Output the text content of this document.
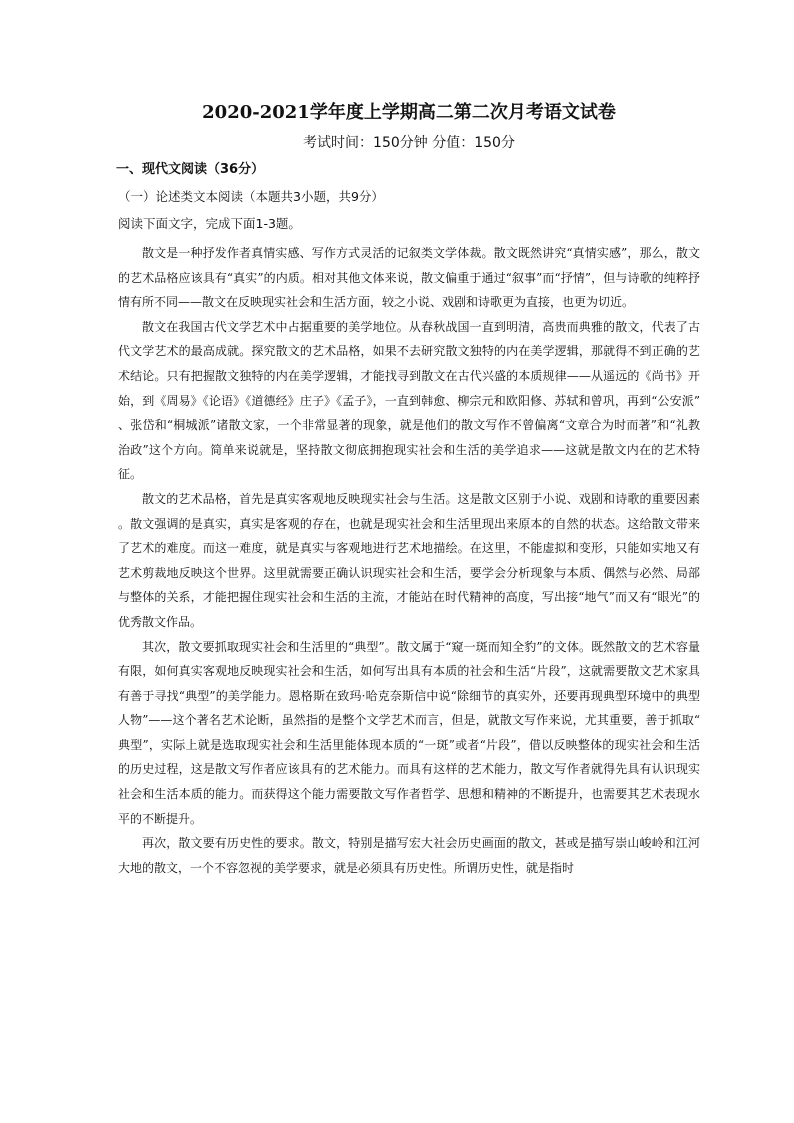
2020-2021学年度上学期高二第二次月考语文试卷
考试时间：150分钟 分值：150分
一、现代文阅读（36分）
（一）论述类文本阅读（本题共3小题，共9分）
阅读下面文字，完成下面1-3题。

散文是一种抒发作者真情实感、写作方式灵活的记叙类文学体裁。散文既然讲究“真情实感”，那么，散文的艺术品格应该具有“真实”的内质。相对其他文体来说，散文偏重于通过“叙事”而“抒情”，但与诗歌的纯粹抒情有所不同——散文在反映现实社会和生活方面，较之小说、戏剧和诗歌更为直接，也更为切近。

散文在我国古代文学艺术中占据重要的美学地位。从春秋战国一直到明清，高贵而典雅的散文，代表了古代文学艺术的最高成就。探究散文的艺术品格，如果不去研究散文独特的内在美学逻辑，那就得不到正确的艺术结论。只有把握散文独特的内在美学逻辑，才能找寻到散文在古代兴盛的本质规律——从遥远的《尚书》开始，到《周易》《论语》《道德经》庄子》《孟子》，一直到韩愈、柳宗元和欧阳修、苏轼和曾巩，再到“公安派”、张岱和“桐城派”诸散文家，一个非常显著的现象，就是他们的散文写作不曾偏离“文章合为时而著”和“礼教治政”这个方向。简单来说就是，坚持散文彻底拥抱现实社会和生活的美学追求——这就是散文内在的艺术特征。

散文的艺术品格，首先是真实客观地反映现实社会与生活。这是散文区别于小说、戏剧和诗歌的重要因素。散文强调的是真实，真实是客观的存在，也就是现实社会和生活里现出来原本的自然的状态。这给散文带来了艺术的难度。而这一难度，就是真实与客观地进行艺术地描绘。在这里，不能虚拟和变形，只能如实地又有艺术剪裁地反映这个世界。这里就需要正确认识现实社会和生活，要学会分析现象与本质、偶然与必然、局部与整体的关系，才能把握住现实社会和生活的主流，才能站在时代精神的高度，写出接“地气”而又有“眼光”的优秀散文作品。

其次，散文要抓取现实社会和生活里的“典型”。散文属于“窥一斑而知全豹”的文体。既然散文的艺术容量有限，如何真实客观地反映现实社会和生活，如何写出具有本质的社会和生活“片段”，这就需要散文艺术家具有善于寻找“典型”的美学能力。恩格斯在致玛·哈克奈斯信中说“除细节的真实外，还要再现典型环境中的典型人物”——这个著名艺术论断，虽然指的是整个文学艺术而言，但是，就散文写作来说，尤其重要，善于抓取“典型”，实际上就是选取现实社会和生活里能体现本质的“一斑”或者“片段”，借以反映整体的现实社会和生活的历史过程，这是散文写作者应该具有的艺术能力。而具有这样的艺术能力，散文写作者就得先具有认识现实社会和生活本质的能力。而获得这个能力需要散文写作者哲学、思想和精神的不断提升，也需要其艺术表现水平的不断提升。

再次，散文要有历史性的要求。散文，特别是描写宏大社会历史画面的散文，甚或是描写崇山峻岭和江河大地的散文，一个不容忽视的美学要求，就是必须具有历史性。所谓历史性，就是指时
